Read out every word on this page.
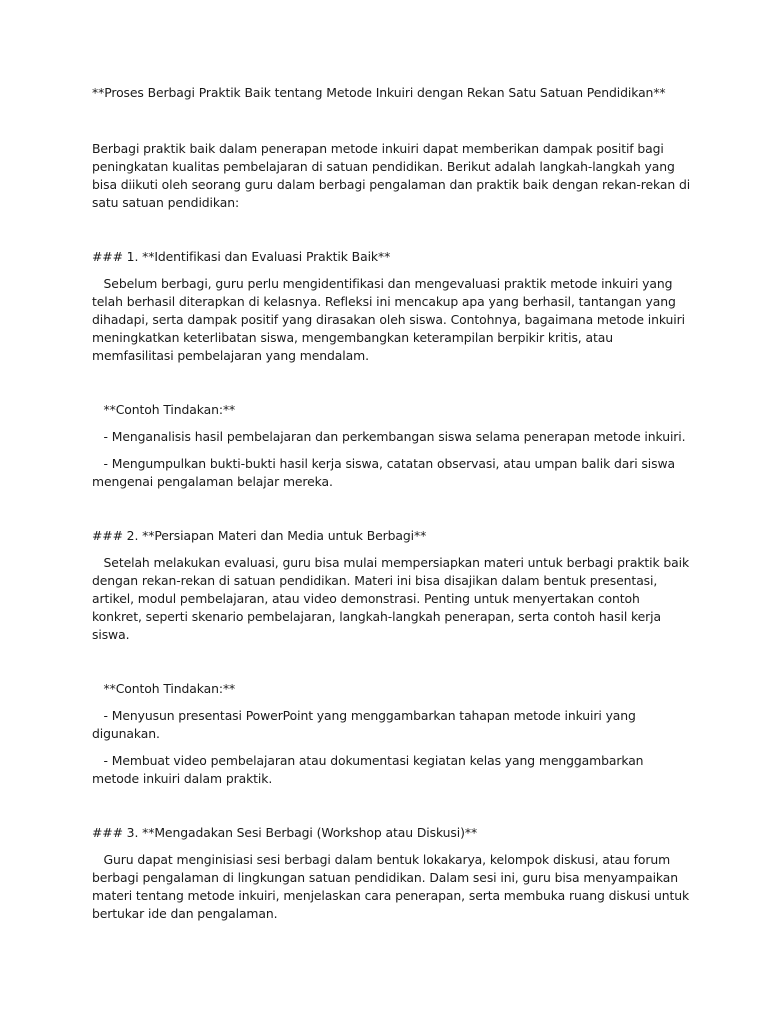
**Proses Berbagi Praktik Baik tentang Metode Inkuiri dengan Rekan Satu Satuan Pendidikan**

Berbagi praktik baik dalam penerapan metode inkuiri dapat memberikan dampak positif bagi peningkatan kualitas pembelajaran di satuan pendidikan. Berikut adalah langkah-langkah yang bisa diikuti oleh seorang guru dalam berbagi pengalaman dan praktik baik dengan rekan-rekan di satu satuan pendidikan:

### 1. **Identifikasi dan Evaluasi Praktik Baik**

Sebelum berbagi, guru perlu mengidentifikasi dan mengevaluasi praktik metode inkuiri yang telah berhasil diterapkan di kelasnya. Refleksi ini mencakup apa yang berhasil, tantangan yang dihadapi, serta dampak positif yang dirasakan oleh siswa. Contohnya, bagaimana metode inkuiri meningkatkan keterlibatan siswa, mengembangkan keterampilan berpikir kritis, atau memfasilitasi pembelajaran yang mendalam.

**Contoh Tindakan:**

- Menganalisis hasil pembelajaran dan perkembangan siswa selama penerapan metode inkuiri.

- Mengumpulkan bukti-bukti hasil kerja siswa, catatan observasi, atau umpan balik dari siswa mengenai pengalaman belajar mereka.

### 2. **Persiapan Materi dan Media untuk Berbagi**

Setelah melakukan evaluasi, guru bisa mulai mempersiapkan materi untuk berbagi praktik baik dengan rekan-rekan di satuan pendidikan. Materi ini bisa disajikan dalam bentuk presentasi, artikel, modul pembelajaran, atau video demonstrasi. Penting untuk menyertakan contoh konkret, seperti skenario pembelajaran, langkah-langkah penerapan, serta contoh hasil kerja siswa.

**Contoh Tindakan:**

- Menyusun presentasi PowerPoint yang menggambarkan tahapan metode inkuiri yang digunakan.

- Membuat video pembelajaran atau dokumentasi kegiatan kelas yang menggambarkan metode inkuiri dalam praktik.

### 3. **Mengadakan Sesi Berbagi (Workshop atau Diskusi)**

Guru dapat menginisiasi sesi berbagi dalam bentuk lokakarya, kelompok diskusi, atau forum berbagi pengalaman di lingkungan satuan pendidikan. Dalam sesi ini, guru bisa menyampaikan materi tentang metode inkuiri, menjelaskan cara penerapan, serta membuka ruang diskusi untuk bertukar ide dan pengalaman.
